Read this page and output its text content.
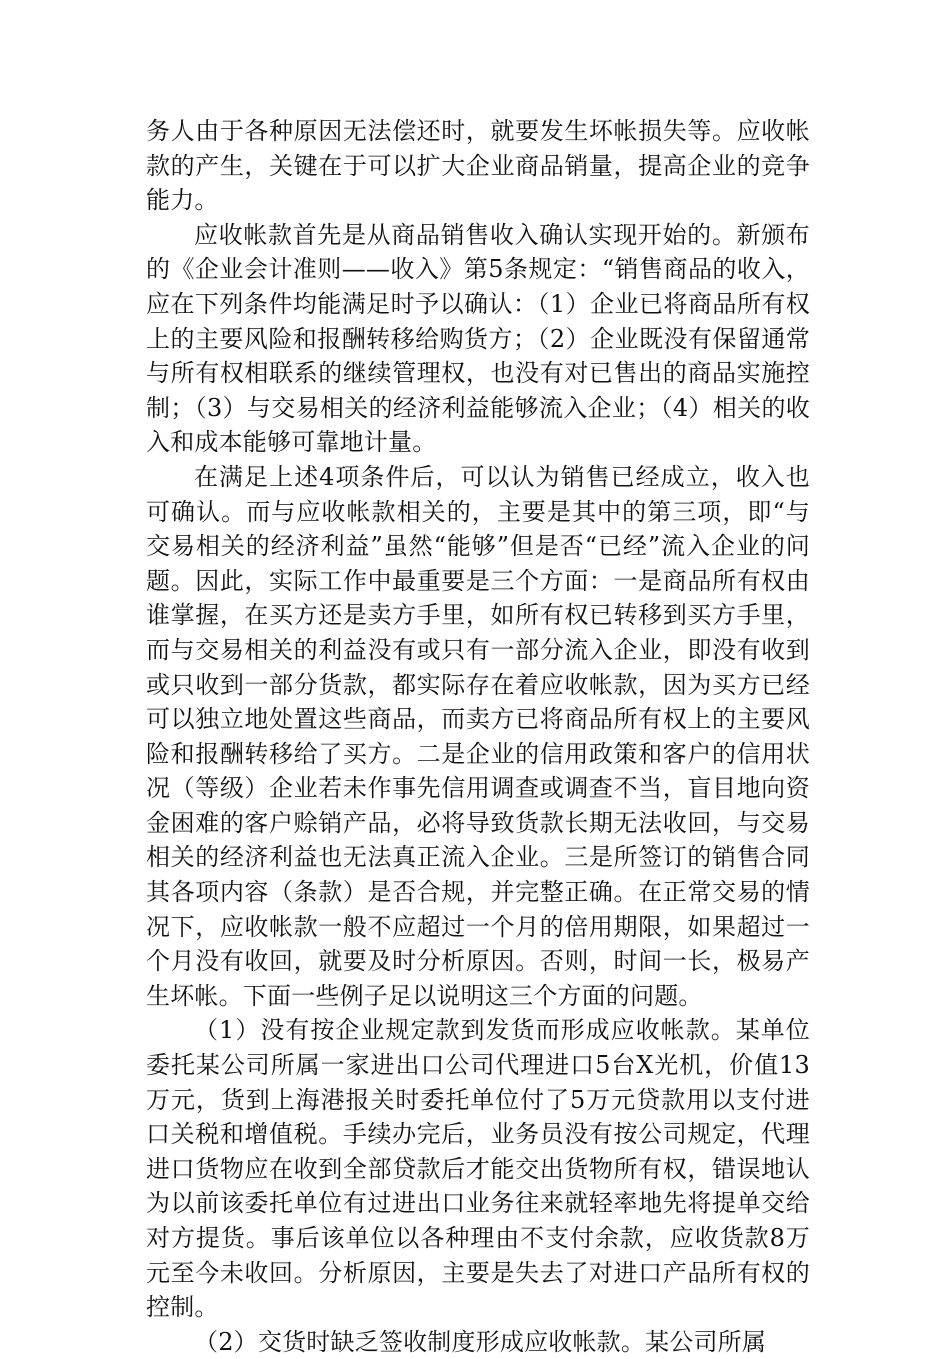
务人由于各种原因无法偿还时，就要发生坏帐损失等。应收帐款的产生，关键在于可以扩大企业商品销量，提高企业的竞争能力。

应收帐款首先是从商品销售收入确认实现开始的。新颁布的《企业会计准则——收入》第5条规定：“销售商品的收入，应在下列条件均能满足时予以确认：（1）企业已将商品所有权上的主要风险和报酬转移给购货方；（2）企业既没有保留通常与所有权相联系的继续管理权，也没有对已售出的商品实施控制；（3）与交易相关的经济利益能够流入企业；（4）相关的收入和成本能够可靠地计量。

在满足上述4项条件后，可以认为销售已经成立，收入也可确认。而与应收帐款相关的，主要是其中的第三项，即“与交易相关的经济利益”虽然“能够”但是否“已经”流入企业的问题。因此，实际工作中最重要是三个方面：一是商品所有权由谁掌握，在买方还是卖方手里，如所有权已转移到买方手里，而与交易相关的利益没有或只有一部分流入企业，即没有收到或只收到一部分货款，都实际存在着应收帐款，因为买方已经可以独立地处置这些商品，而卖方已将商品所有权上的主要风险和报酬转移给了买方。二是企业的信用政策和客户的信用状况（等级）企业若未作事先信用调查或调查不当，盲目地向资金困难的客户赊销产品，必将导致货款长期无法收回，与交易相关的经济利益也无法真正流入企业。三是所签订的销售合同其各项内容（条款）是否合规，并完整正确。在正常交易的情况下，应收帐款一般不应超过一个月的倍用期限，如果超过一个月没有收回，就要及时分析原因。否则，时间一长，极易产生坏帐。下面一些例子足以说明这三个方面的问题。

（1）没有按企业规定款到发货而形成应收帐款。某单位委托某公司所属一家进出口公司代理进口5台X光机，价值13万元，货到上海港报关时委托单位付了5万元贷款用以支付进口关税和增值税。手续办完后，业务员没有按公司规定，代理进口货物应在收到全部贷款后才能交出货物所有权，错误地认为以前该委托单位有过进出口业务往来就轻率地先将提单交给对方提货。事后该单位以各种理由不支付余款，应收货款8万元至今未收回。分析原因，主要是失去了对进口产品所有权的控制。

（2）交货时缺乏签收制度形成应收帐款。某公司所属
